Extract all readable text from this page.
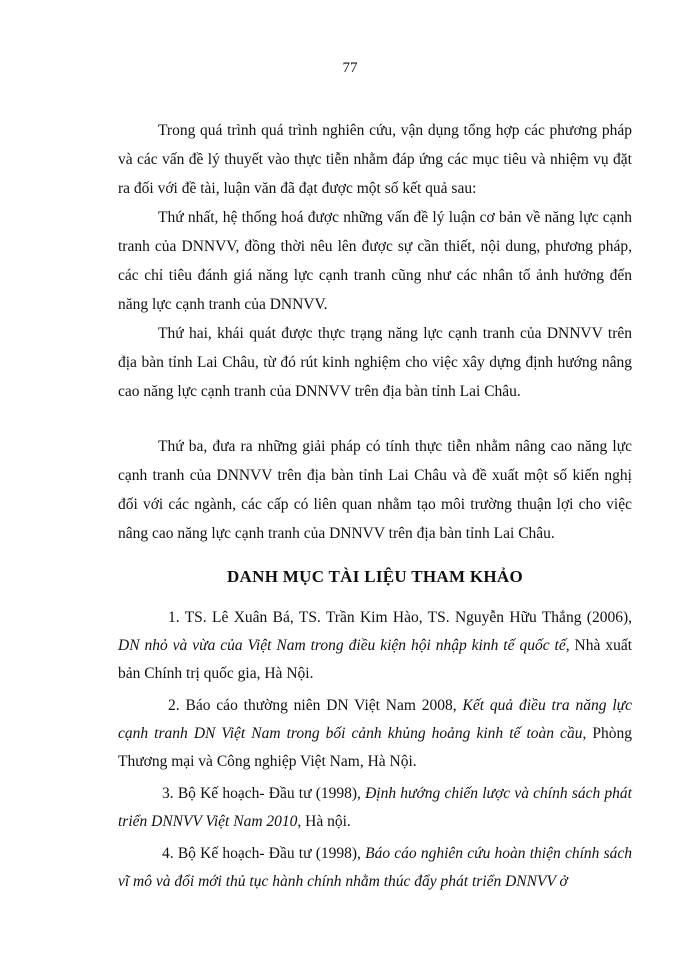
77

Trong quá trình quá trình nghiên cứu, vận dụng tổng hợp các phương pháp và các vấn đề lý thuyết vào thực tiễn nhằm đáp ứng các mục tiêu và nhiệm vụ đặt ra đối với đề tài, luận văn đã đạt được một số kết quả sau:

Thứ nhất, hệ thống hoá được những vấn đề lý luận cơ bản về năng lực cạnh tranh của DNNVV, đồng thời nêu lên được sự cần thiết, nội dung, phương pháp, các chỉ tiêu đánh giá năng lực cạnh tranh cũng như các nhân tố ảnh hưởng đến năng lực cạnh tranh của DNNVV.

Thứ hai, khái quát được thực trạng năng lực cạnh tranh của DNNVV trên địa bàn tỉnh Lai Châu, từ đó rút kinh nghiệm cho việc xây dựng định hướng nâng cao năng lực cạnh tranh của DNNVV trên địa bàn tỉnh Lai Châu.

Thứ ba, đưa ra những giải pháp có tính thực tiễn nhằm nâng cao năng lực cạnh tranh của DNNVV trên địa bàn tỉnh Lai Châu và đề xuất một số kiến nghị đối với các ngành, các cấp có liên quan nhằm tạo môi trường thuận lợi cho việc nâng cao năng lực cạnh tranh của DNNVV trên địa bàn tỉnh Lai Châu.

DANH MỤC TÀI LIỆU THAM KHẢO

1. TS. Lê Xuân Bá, TS. Trần Kim Hào, TS. Nguyễn Hữu Thắng (2006), DN nhỏ và vừa của Việt Nam trong điều kiện hội nhập kinh tế quốc tế, Nhà xuất bản Chính trị quốc gia, Hà Nội.

2. Báo cáo thường niên DN Việt Nam 2008, Kết quả điều tra năng lực cạnh tranh DN Việt Nam trong bối cảnh khủng hoảng kinh tế toàn cầu, Phòng Thương mại và Công nghiệp Việt Nam, Hà Nội.

3. Bộ Kế hoạch- Đầu tư (1998), Định hướng chiến lược và chính sách phát triển DNNVV Việt Nam 2010, Hà nội.

4. Bộ Kế hoạch- Đầu tư (1998), Báo cáo nghiên cứu hoàn thiện chính sách vĩ mô và đổi mới thủ tục hành chính nhằm thúc đẩy phát triển DNNVV ở
